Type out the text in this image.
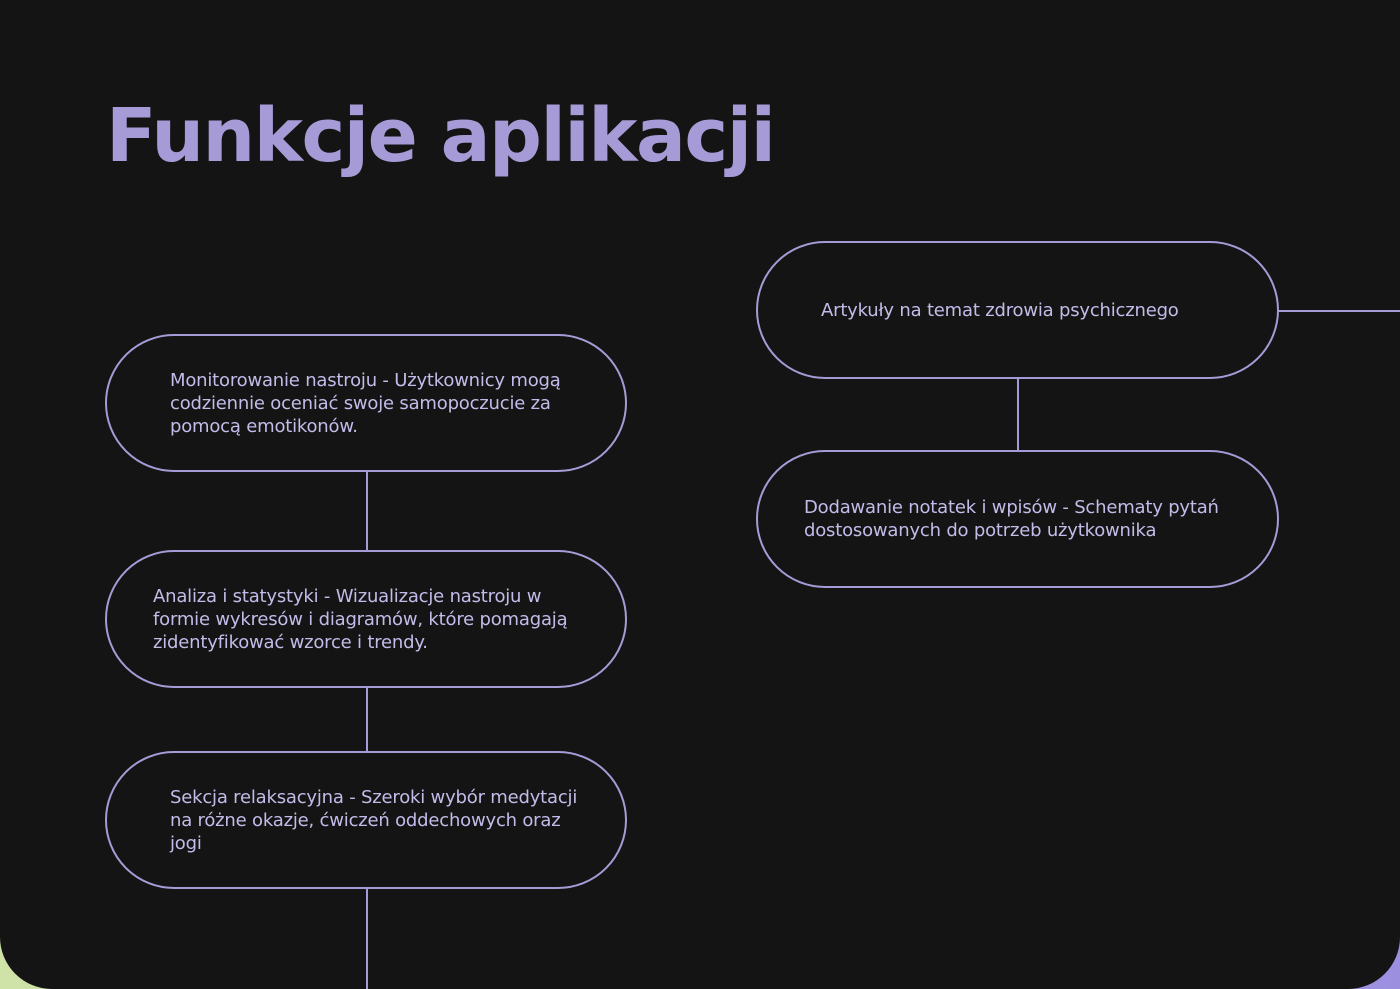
Funkcje aplikacji
Monitorowanie nastroju - Użytkownicy mogą codziennie oceniać swoje samopoczucie za pomocą emotikonów.
Analiza i statystyki - Wizualizacje nastroju w formie wykresów i diagramów, które pomagają zidentyfikować wzorce i trendy.
Sekcja relaksacyjna - Szeroki wybór medytacji na różne okazje, ćwiczeń oddechowych oraz jogi
Artykuły na temat zdrowia psychicznego
Dodawanie notatek i wpisów - Schematy pytań dostosowanych do potrzeb użytkownika
